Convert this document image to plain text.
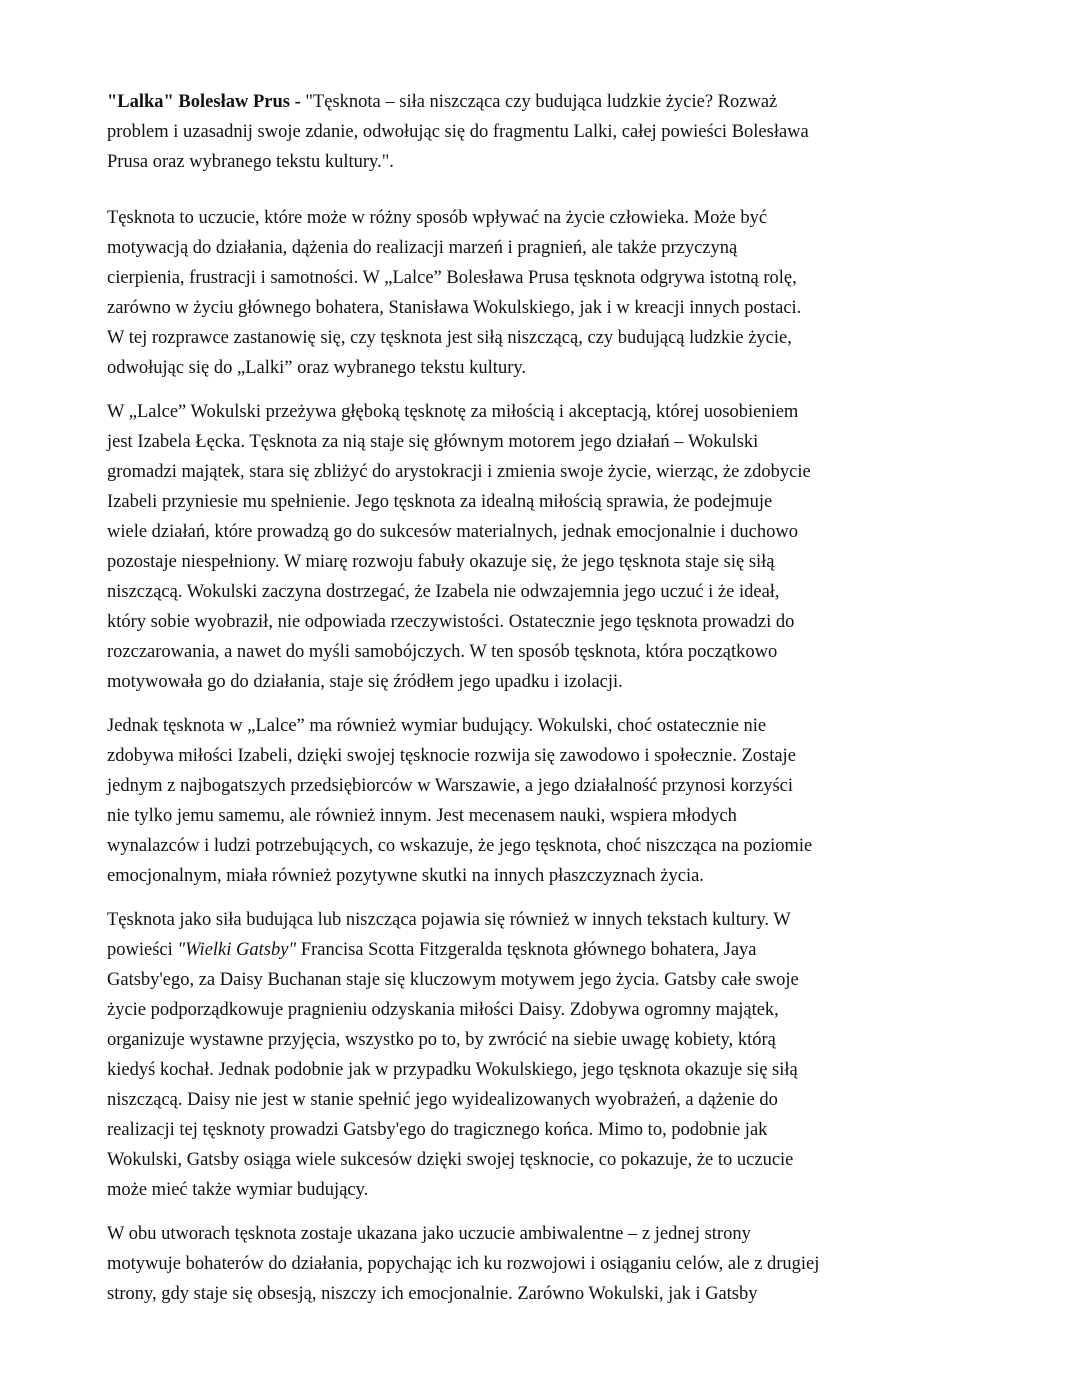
"Lalka" Bolesław Prus - "Tęsknota – siła niszcząca czy budująca ludzkie życie? Rozważ
problem i uzasadnij swoje zdanie, odwołując się do fragmentu Lalki, całej powieści Bolesława
Prusa oraz wybranego tekstu kultury.".
Tęsknota to uczucie, które może w różny sposób wpływać na życie człowieka. Może być
motywacją do działania, dążenia do realizacji marzeń i pragnień, ale także przyczyną
cierpienia, frustracji i samotności. W „Lalce” Bolesława Prusa tęsknota odgrywa istotną rolę,
zarówno w życiu głównego bohatera, Stanisława Wokulskiego, jak i w kreacji innych postaci.
W tej rozprawce zastanowię się, czy tęsknota jest siłą niszczącą, czy budującą ludzkie życie,
odwołując się do „Lalki” oraz wybranego tekstu kultury.
W „Lalce” Wokulski przeżywa głęboką tęsknotę za miłością i akceptacją, której uosobieniem
jest Izabela Łęcka. Tęsknota za nią staje się głównym motorem jego działań – Wokulski
gromadzi majątek, stara się zbliżyć do arystokracji i zmienia swoje życie, wierząc, że zdobycie
Izabeli przyniesie mu spełnienie. Jego tęsknota za idealną miłością sprawia, że podejmuje
wiele działań, które prowadzą go do sukcesów materialnych, jednak emocjonalnie i duchowo
pozostaje niespełniony. W miarę rozwoju fabuły okazuje się, że jego tęsknota staje się siłą
niszczącą. Wokulski zaczyna dostrzegać, że Izabela nie odwzajemnia jego uczuć i że ideał,
który sobie wyobraził, nie odpowiada rzeczywistości. Ostatecznie jego tęsknota prowadzi do
rozczarowania, a nawet do myśli samobójczych. W ten sposób tęsknota, która początkowo
motywowała go do działania, staje się źródłem jego upadku i izolacji.
Jednak tęsknota w „Lalce” ma również wymiar budujący. Wokulski, choć ostatecznie nie
zdobywa miłości Izabeli, dzięki swojej tęsknocie rozwija się zawodowo i społecznie. Zostaje
jednym z najbogatszych przedsiębiorców w Warszawie, a jego działalność przynosi korzyści
nie tylko jemu samemu, ale również innym. Jest mecenasem nauki, wspiera młodych
wynalazców i ludzi potrzebujących, co wskazuje, że jego tęsknota, choć niszcząca na poziomie
emocjonalnym, miała również pozytywne skutki na innych płaszczyznach życia.
Tęsknota jako siła budująca lub niszcząca pojawia się również w innych tekstach kultury. W
powieści "Wielki Gatsby" Francisa Scotta Fitzgeralda tęsknota głównego bohatera, Jaya
Gatsby'ego, za Daisy Buchanan staje się kluczowym motywem jego życia. Gatsby całe swoje
życie podporządkowuje pragnieniu odzyskania miłości Daisy. Zdobywa ogromny majątek,
organizuje wystawne przyjęcia, wszystko po to, by zwrócić na siebie uwagę kobiety, którą
kiedyś kochał. Jednak podobnie jak w przypadku Wokulskiego, jego tęsknota okazuje się siłą
niszczącą. Daisy nie jest w stanie spełnić jego wyidealizowanych wyobrażeń, a dążenie do
realizacji tej tęsknoty prowadzi Gatsby'ego do tragicznego końca. Mimo to, podobnie jak
Wokulski, Gatsby osiąga wiele sukcesów dzięki swojej tęsknocie, co pokazuje, że to uczucie
może mieć także wymiar budujący.
W obu utworach tęsknota zostaje ukazana jako uczucie ambiwalentne – z jednej strony
motywuje bohaterów do działania, popychając ich ku rozwojowi i osiąganiu celów, ale z drugiej
strony, gdy staje się obsesją, niszczy ich emocjonalnie. Zarówno Wokulski, jak i Gatsby
